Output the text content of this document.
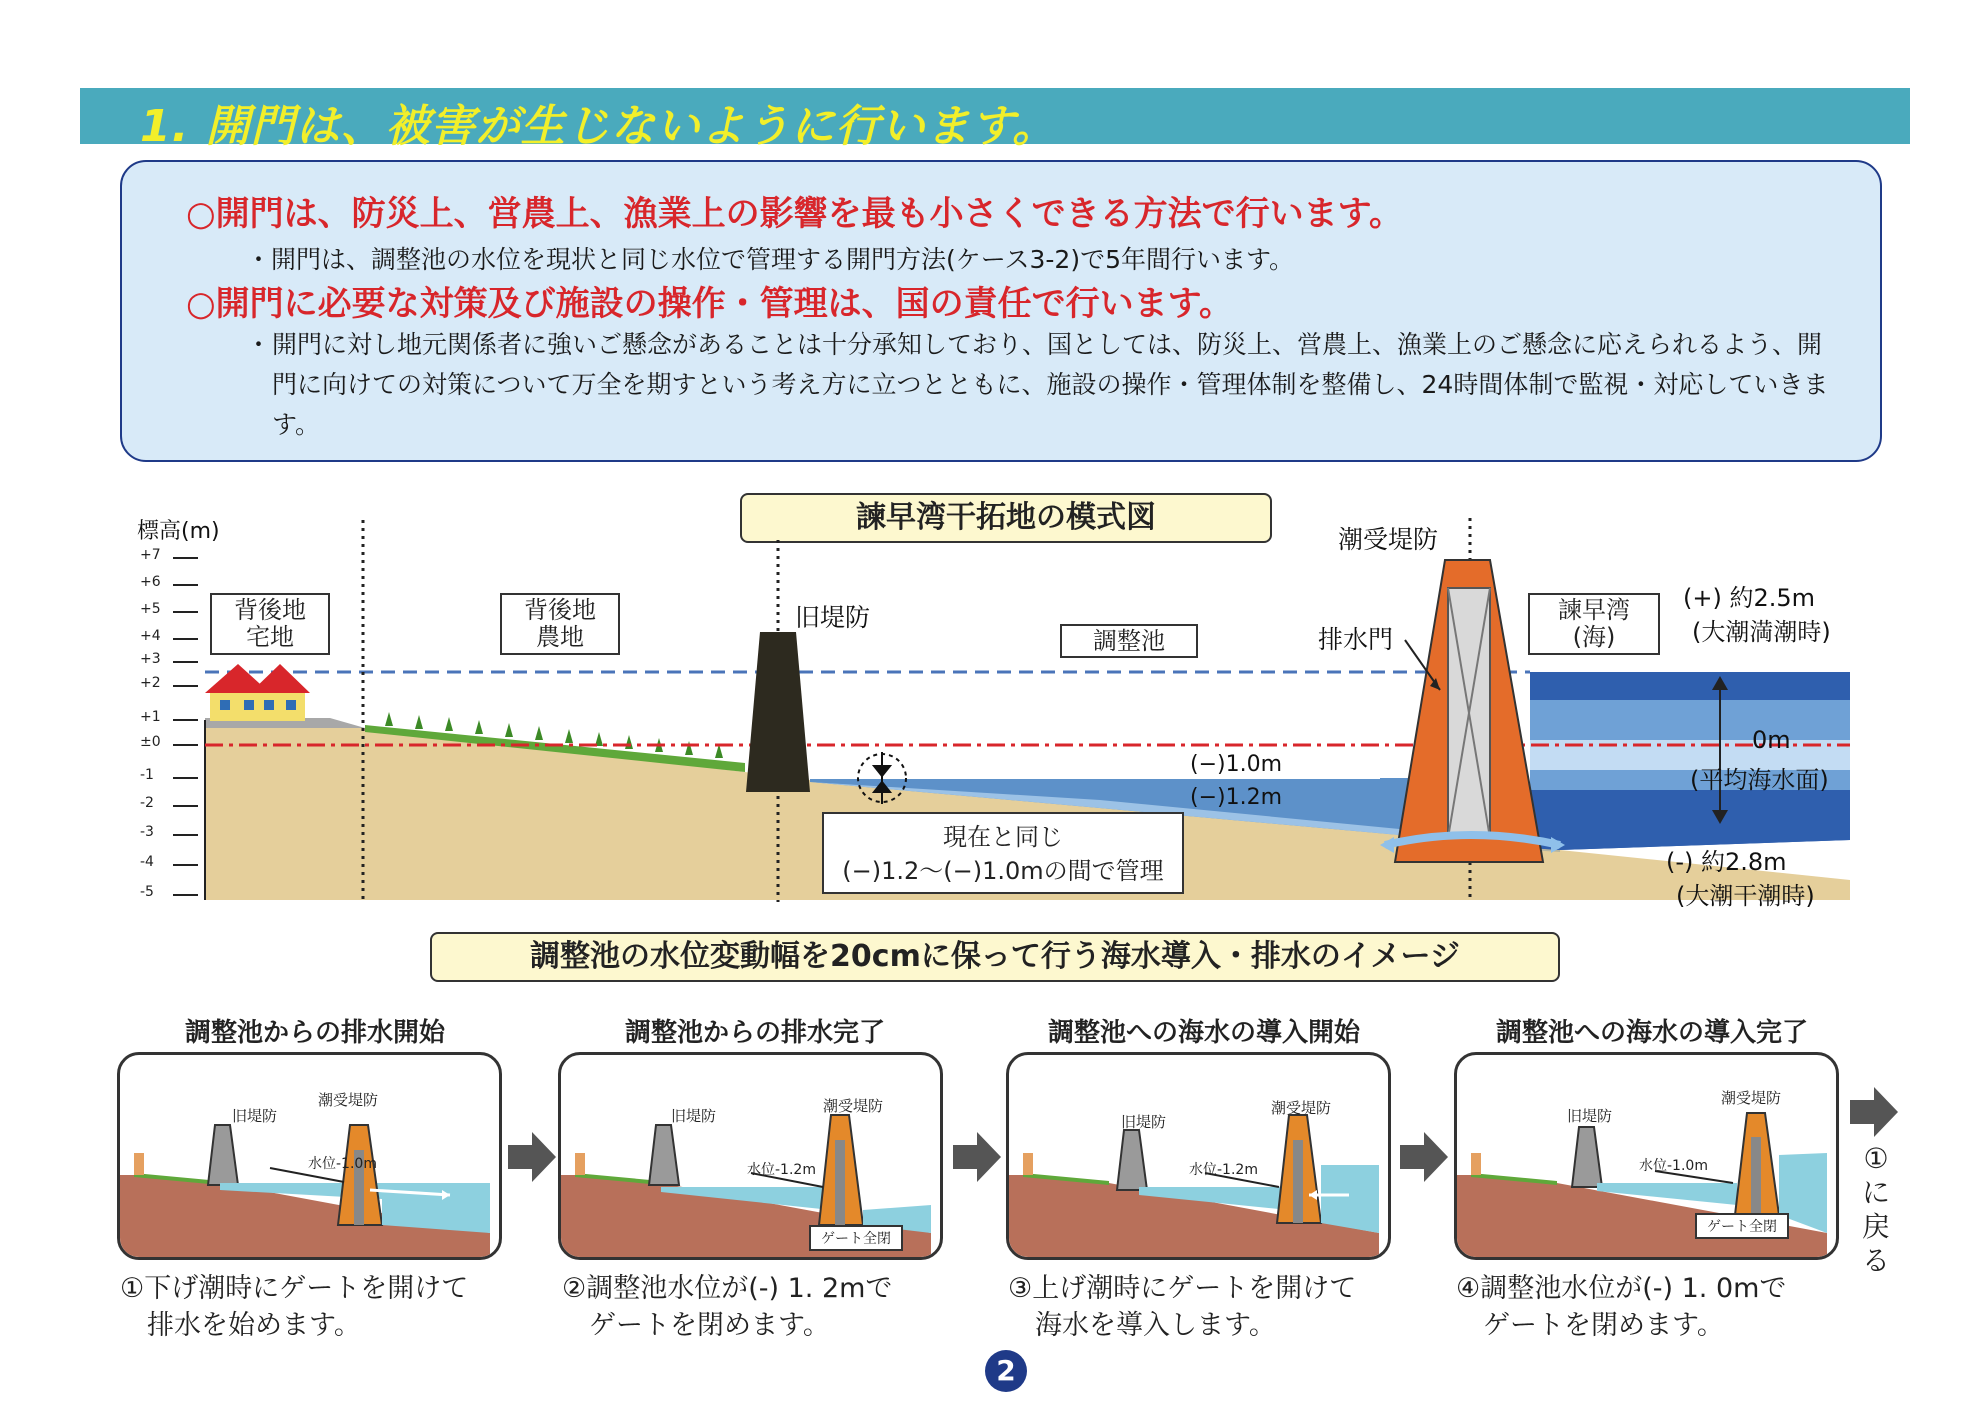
1. 開門は、被害が生じないように行います。
○開門は、防災上、営農上、漁業上の影響を最も小さくできる方法で行います。
・開門は、調整池の水位を現状と同じ水位で管理する開門方法(ケース3-2)で5年間行います。
○開門に必要な対策及び施設の操作・管理は、国の責任で行います。
・ 開門に対し地元関係者に強いご懸念があることは十分承知しており、国としては、防災上、営農上、漁業上のご懸念に応えられるよう、開門に向けての対策について万全を期すという考え方に立つとともに、施設の操作・管理体制を整備し、24時間体制で監視・対応していきます。
諫早湾干拓地の模式図
標高(m)
+7
+6
+5
+4
+3
+2
+1
±0
-1
-2
-3
-4
-5
背後地
宅地
背後地
農地
旧堤防
調整池
潮受堤防
排水門
諫早湾
(海)
(+) 約2.5m
(大潮満潮時)
0m
(平均海水面)
(-) 約2.8m
(大潮干潮時)
(−)1.0m
(−)1.2m
現在と同じ
(−)1.2〜(−)1.0mの間で管理
調整池の水位変動幅を20cmに保って行う海水導入・排水のイメージ
調整池からの排水開始	調整池からの排水完了	調整池への海水の導入開始	調整池への海水の導入完了
旧堤防
潮受堤防
水位-1.0m
旧堤防
潮受堤防
水位-1.2m
ゲート全閉
旧堤防
潮受堤防
水位-1.2m
旧堤防
潮受堤防
水位-1.0m
ゲート全閉
①に戻る
①下げ潮時にゲートを開けて
　排水を始めます。
②調整池水位が(-) 1. 2mで
　ゲートを閉めます。
③上げ潮時にゲートを開けて
　海水を導入します。
④調整池水位が(-) 1. 0mで
　ゲートを閉めます。
2
